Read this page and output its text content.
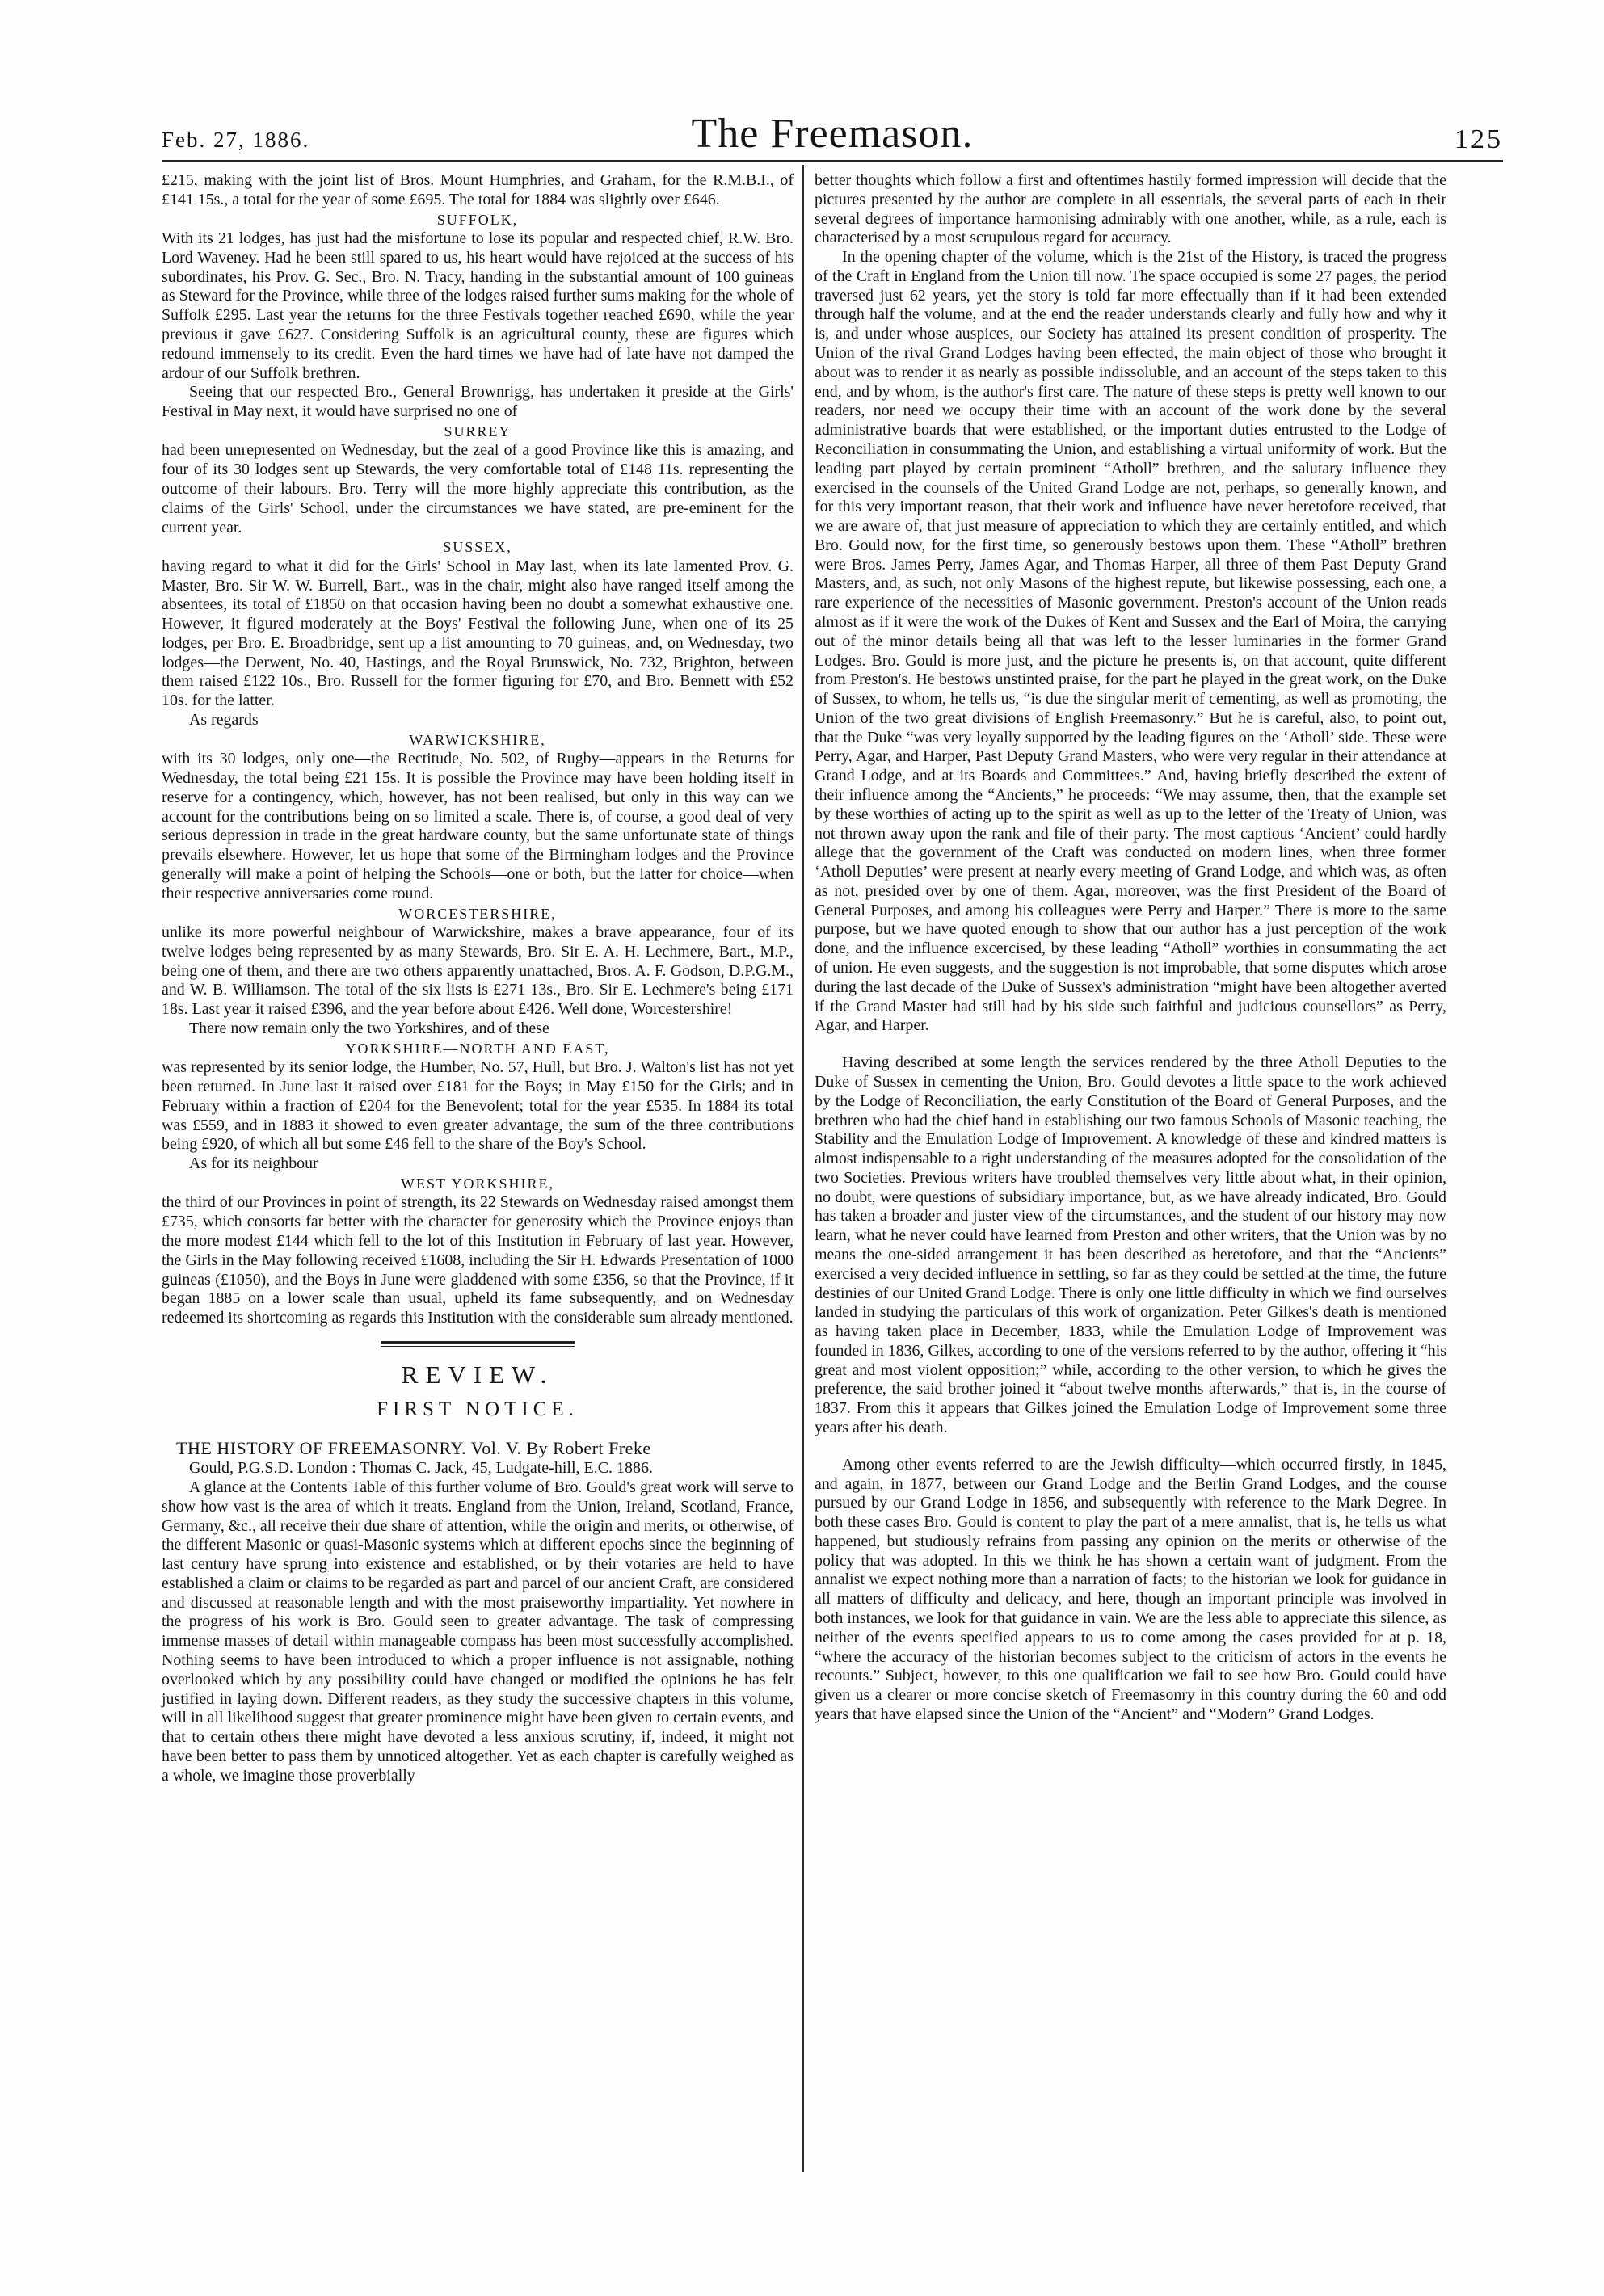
Feb. 27, 1886.	The Freemason.	125

£215, making with the joint list of Bros. Mount Humphries, and Graham, for the R.M.B.I., of £141 15s., a total for the year of some £695. The total for 1884 was slightly over £646.

SUFFOLK,

With its 21 lodges, has just had the misfortune to lose its popular and respected chief, R.W. Bro. Lord Waveney. Had he been still spared to us, his heart would have rejoiced at the success of his subordinates, his Prov. G. Sec., Bro. N. Tracy, handing in the substantial amount of 100 guineas as Steward for the Province, while three of the lodges raised further sums making for the whole of Suffolk £295. Last year the returns for the three Festivals together reached £690, while the year previous it gave £627. Considering Suffolk is an agricultural county, these are figures which redound immensely to its credit. Even the hard times we have had of late have not damped the ardour of our Suffolk brethren.

Seeing that our respected Bro., General Brownrigg, has undertaken it preside at the Girls' Festival in May next, it would have surprised no one of

SURREY

had been unrepresented on Wednesday, but the zeal of a good Province like this is amazing, and four of its 30 lodges sent up Stewards, the very comfortable total of £148 11s. representing the outcome of their labours. Bro. Terry will the more highly appreciate this contribution, as the claims of the Girls' School, under the circumstances we have stated, are pre-eminent for the current year.

SUSSEX,

having regard to what it did for the Girls' School in May last, when its late lamented Prov. G. Master, Bro. Sir W. W. Burrell, Bart., was in the chair, might also have ranged itself among the absentees, its total of £1850 on that occasion having been no doubt a somewhat exhaustive one. However, it figured moderately at the Boys' Festival the following June, when one of its 25 lodges, per Bro. E. Broadbridge, sent up a list amounting to 70 guineas, and, on Wednesday, two lodges—the Derwent, No. 40, Hastings, and the Royal Brunswick, No. 732, Brighton, between them raised £122 10s., Bro. Russell for the former figuring for £70, and Bro. Bennett with £52 10s. for the latter.

As regards

WARWICKSHIRE,

with its 30 lodges, only one—the Rectitude, No. 502, of Rugby—appears in the Returns for Wednesday, the total being £21 15s. It is possible the Province may have been holding itself in reserve for a contingency, which, however, has not been realised, but only in this way can we account for the contributions being on so limited a scale. There is, of course, a good deal of very serious depression in trade in the great hardware county, but the same unfortunate state of things prevails elsewhere. However, let us hope that some of the Birmingham lodges and the Province generally will make a point of helping the Schools—one or both, but the latter for choice—when their respective anniversaries come round.

WORCESTERSHIRE,

unlike its more powerful neighbour of Warwickshire, makes a brave appearance, four of its twelve lodges being represented by as many Stewards, Bro. Sir E. A. H. Lechmere, Bart., M.P., being one of them, and there are two others apparently unattached, Bros. A. F. Godson, D.P.G.M., and W. B. Williamson. The total of the six lists is £271 13s., Bro. Sir E. Lechmere's being £171 18s. Last year it raised £396, and the year before about £426. Well done, Worcestershire!

There now remain only the two Yorkshires, and of these

YORKSHIRE—NORTH AND EAST,

was represented by its senior lodge, the Humber, No. 57, Hull, but Bro. J. Walton's list has not yet been returned. In June last it raised over £181 for the Boys; in May £150 for the Girls; and in February within a fraction of £204 for the Benevolent; total for the year £535. In 1884 its total was £559, and in 1883 it showed to even greater advantage, the sum of the three contributions being £920, of which all but some £46 fell to the share of the Boy's School.

As for its neighbour

WEST YORKSHIRE,

the third of our Provinces in point of strength, its 22 Stewards on Wednesday raised amongst them £735, which consorts far better with the character for generosity which the Province enjoys than the more modest £144 which fell to the lot of this Institution in February of last year. However, the Girls in the May following received £1608, including the Sir H. Edwards Presentation of 1000 guineas (£1050), and the Boys in June were gladdened with some £356, so that the Province, if it began 1885 on a lower scale than usual, upheld its fame subsequently, and on Wednesday redeemed its shortcoming as regards this Institution with the considerable sum already mentioned.

REVIEW.
FIRST NOTICE.

THE HISTORY OF FREEMASONRY. Vol. V. By Robert Freke

Gould, P.G.S.D. London : Thomas C. Jack, 45, Ludgate-hill, E.C. 1886.

A glance at the Contents Table of this further volume of Bro. Gould's great work will serve to show how vast is the area of which it treats. England from the Union, Ireland, Scotland, France, Germany, &c., all receive their due share of attention, while the origin and merits, or otherwise, of the different Masonic or quasi-Masonic systems which at different epochs since the beginning of last century have sprung into existence and established, or by their votaries are held to have established a claim or claims to be regarded as part and parcel of our ancient Craft, are considered and discussed at reasonable length and with the most praiseworthy impartiality. Yet nowhere in the progress of his work is Bro. Gould seen to greater advantage. The task of compressing immense masses of detail within manageable compass has been most successfully accomplished. Nothing seems to have been introduced to which a proper influence is not assignable, nothing overlooked which by any possibility could have changed or modified the opinions he has felt justified in laying down. Different readers, as they study the successive chapters in this volume, will in all likelihood suggest that greater prominence might have been given to certain events, and that to certain others there might have devoted a less anxious scrutiny, if, indeed, it might not have been better to pass them by unnoticed altogether. Yet as each chapter is carefully weighed as a whole, we imagine those proverbially

better thoughts which follow a first and oftentimes hastily formed impression will decide that the pictures presented by the author are complete in all essentials, the several parts of each in their several degrees of importance harmonising admirably with one another, while, as a rule, each is characterised by a most scrupulous regard for accuracy.

In the opening chapter of the volume, which is the 21st of the History, is traced the progress of the Craft in England from the Union till now. The space occupied is some 27 pages, the period traversed just 62 years, yet the story is told far more effectually than if it had been extended through half the volume, and at the end the reader understands clearly and fully how and why it is, and under whose auspices, our Society has attained its present condition of prosperity. The Union of the rival Grand Lodges having been effected, the main object of those who brought it about was to render it as nearly as possible indissoluble, and an account of the steps taken to this end, and by whom, is the author's first care. The nature of these steps is pretty well known to our readers, nor need we occupy their time with an account of the work done by the several administrative boards that were established, or the important duties entrusted to the Lodge of Reconciliation in consummating the Union, and establishing a virtual uniformity of work. But the leading part played by certain prominent “Atholl” brethren, and the salutary influence they exercised in the counsels of the United Grand Lodge are not, perhaps, so generally known, and for this very important reason, that their work and influence have never heretofore received, that we are aware of, that just measure of appreciation to which they are certainly entitled, and which Bro. Gould now, for the first time, so generously bestows upon them. These “Atholl” brethren were Bros. James Perry, James Agar, and Thomas Harper, all three of them Past Deputy Grand Masters, and, as such, not only Masons of the highest repute, but likewise possessing, each one, a rare experience of the necessities of Masonic government. Preston's account of the Union reads almost as if it were the work of the Dukes of Kent and Sussex and the Earl of Moira, the carrying out of the minor details being all that was left to the lesser luminaries in the former Grand Lodges. Bro. Gould is more just, and the picture he presents is, on that account, quite different from Preston's. He bestows unstinted praise, for the part he played in the great work, on the Duke of Sussex, to whom, he tells us, “is due the singular merit of cementing, as well as promoting, the Union of the two great divisions of English Freemasonry.” But he is careful, also, to point out, that the Duke “was very loyally supported by the leading figures on the ‘Atholl’ side. These were Perry, Agar, and Harper, Past Deputy Grand Masters, who were very regular in their attendance at Grand Lodge, and at its Boards and Committees.” And, having briefly described the extent of their influence among the “Ancients,” he proceeds: “We may assume, then, that the example set by these worthies of acting up to the spirit as well as up to the letter of the Treaty of Union, was not thrown away upon the rank and file of their party. The most captious ‘Ancient’ could hardly allege that the government of the Craft was conducted on modern lines, when three former ‘Atholl Deputies’ were present at nearly every meeting of Grand Lodge, and which was, as often as not, presided over by one of them. Agar, moreover, was the first President of the Board of General Purposes, and among his colleagues were Perry and Harper.” There is more to the same purpose, but we have quoted enough to show that our author has a just perception of the work done, and the influence excercised, by these leading “Atholl” worthies in consummating the act of union. He even suggests, and the suggestion is not improbable, that some disputes which arose during the last decade of the Duke of Sussex's administration “might have been altogether averted if the Grand Master had still had by his side such faithful and judicious counsellors” as Perry, Agar, and Harper.

Having described at some length the services rendered by the three Atholl Deputies to the Duke of Sussex in cementing the Union, Bro. Gould devotes a little space to the work achieved by the Lodge of Reconciliation, the early Constitution of the Board of General Purposes, and the brethren who had the chief hand in establishing our two famous Schools of Masonic teaching, the Stability and the Emulation Lodge of Improvement. A knowledge of these and kindred matters is almost indispensable to a right understanding of the measures adopted for the consolidation of the two Societies. Previous writers have troubled themselves very little about what, in their opinion, no doubt, were questions of subsidiary importance, but, as we have already indicated, Bro. Gould has taken a broader and juster view of the circumstances, and the student of our history may now learn, what he never could have learned from Preston and other writers, that the Union was by no means the one-sided arrangement it has been described as heretofore, and that the “Ancients” exercised a very decided influence in settling, so far as they could be settled at the time, the future destinies of our United Grand Lodge. There is only one little difficulty in which we find ourselves landed in studying the particulars of this work of organization. Peter Gilkes's death is mentioned as having taken place in December, 1833, while the Emulation Lodge of Improvement was founded in 1836, Gilkes, according to one of the versions referred to by the author, offering it “his great and most violent opposition;” while, according to the other version, to which he gives the preference, the said brother joined it “about twelve months afterwards,” that is, in the course of 1837. From this it appears that Gilkes joined the Emulation Lodge of Improvement some three years after his death.

Among other events referred to are the Jewish difficulty—which occurred firstly, in 1845, and again, in 1877, between our Grand Lodge and the Berlin Grand Lodges, and the course pursued by our Grand Lodge in 1856, and subsequently with reference to the Mark Degree. In both these cases Bro. Gould is content to play the part of a mere annalist, that is, he tells us what happened, but studiously refrains from passing any opinion on the merits or otherwise of the policy that was adopted. In this we think he has shown a certain want of judgment. From the annalist we expect nothing more than a narration of facts; to the historian we look for guidance in all matters of difficulty and delicacy, and here, though an important principle was involved in both instances, we look for that guidance in vain. We are the less able to appreciate this silence, as neither of the events specified appears to us to come among the cases provided for at p. 18, “where the accuracy of the historian becomes subject to the criticism of actors in the events he recounts.” Subject, however, to this one qualification we fail to see how Bro. Gould could have given us a clearer or more concise sketch of Freemasonry in this country during the 60 and odd years that have elapsed since the Union of the “Ancient” and “Modern” Grand Lodges.
